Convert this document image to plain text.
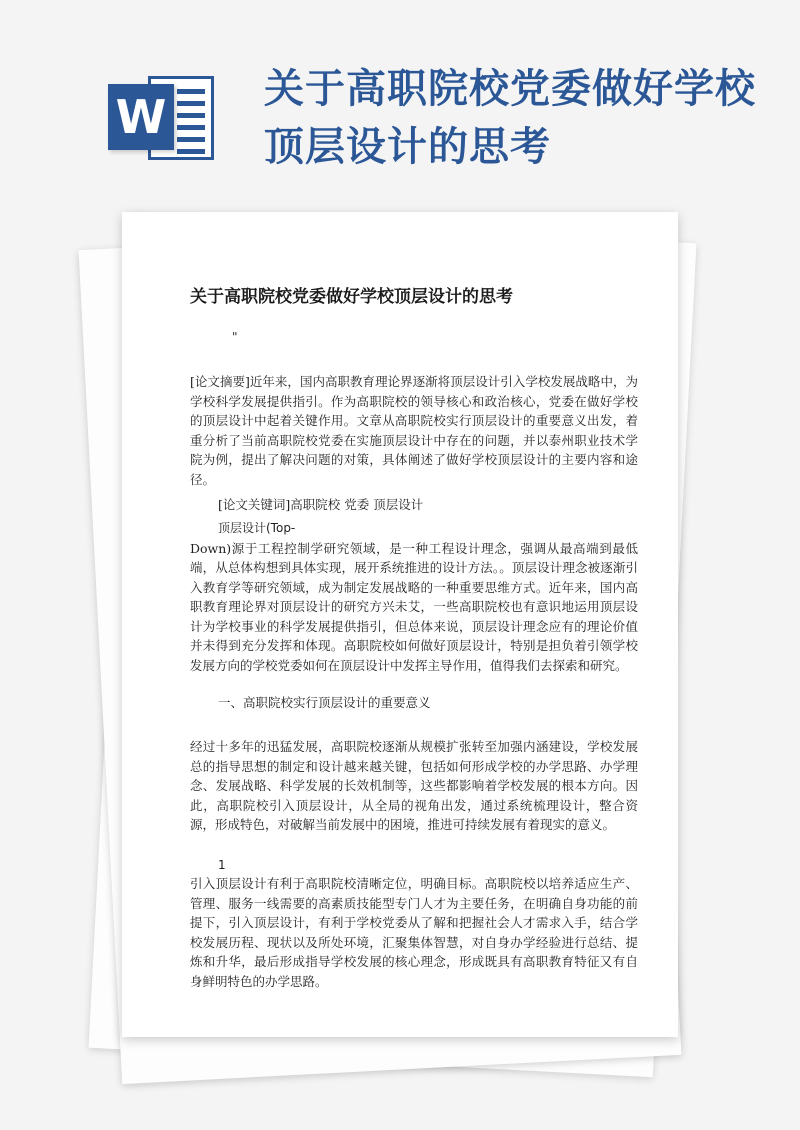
W
关于高职院校党委做好学校顶层设计的思考
关于高职院校党委做好学校顶层设计的思考
"
[论文摘要]近年来，国内高职教育理论界逐渐将顶层设计引入学校发展战略中，为学校科学发展提供指引。作为高职院校的领导核心和政治核心，党委在做好学校的顶层设计中起着关键作用。文章从高职院校实行顶层设计的重要意义出发，着重分析了当前高职院校党委在实施顶层设计中存在的问题，并以泰州职业技术学院为例，提出了解决问题的对策，具体阐述了做好学校顶层设计的主要内容和途径。
[论文关键词]高职院校 党委 顶层设计
顶层设计(Top-
Down)源于工程控制学研究领域，是一种工程设计理念，强调从最高端到最低端，从总体构想到具体实现，展开系统推进的设计方法。。顶层设计理念被逐渐引入教育学等研究领域，成为制定发展战略的一种重要思维方式。近年来，国内高职教育理论界对顶层设计的研究方兴未艾，一些高职院校也有意识地运用顶层设计为学校事业的科学发展提供指引，但总体来说，顶层设计理念应有的理论价值并未得到充分发挥和体现。高职院校如何做好顶层设计，特别是担负着引领学校发展方向的学校党委如何在顶层设计中发挥主导作用，值得我们去探索和研究。
一、高职院校实行顶层设计的重要意义
经过十多年的迅猛发展，高职院校逐渐从规模扩张转至加强内涵建设，学校发展总的指导思想的制定和设计越来越关键，包括如何形成学校的办学思路、办学理念、发展战略、科学发展的长效机制等，这些都影响着学校发展的根本方向。因此，高职院校引入顶层设计，从全局的视角出发，通过系统梳理设计，整合资源，形成特色，对破解当前发展中的困境，推进可持续发展有着现实的意义。
1
引入顶层设计有利于高职院校清晰定位，明确目标。高职院校以培养适应生产、管理、服务一线需要的高素质技能型专门人才为主要任务，在明确自身功能的前提下，引入顶层设计，有利于学校党委从了解和把握社会人才需求入手，结合学校发展历程、现状以及所处环境，汇聚集体智慧，对自身办学经验进行总结、提炼和升华，最后形成指导学校发展的核心理念，形成既具有高职教育特征又有自身鲜明特色的办学思路。
